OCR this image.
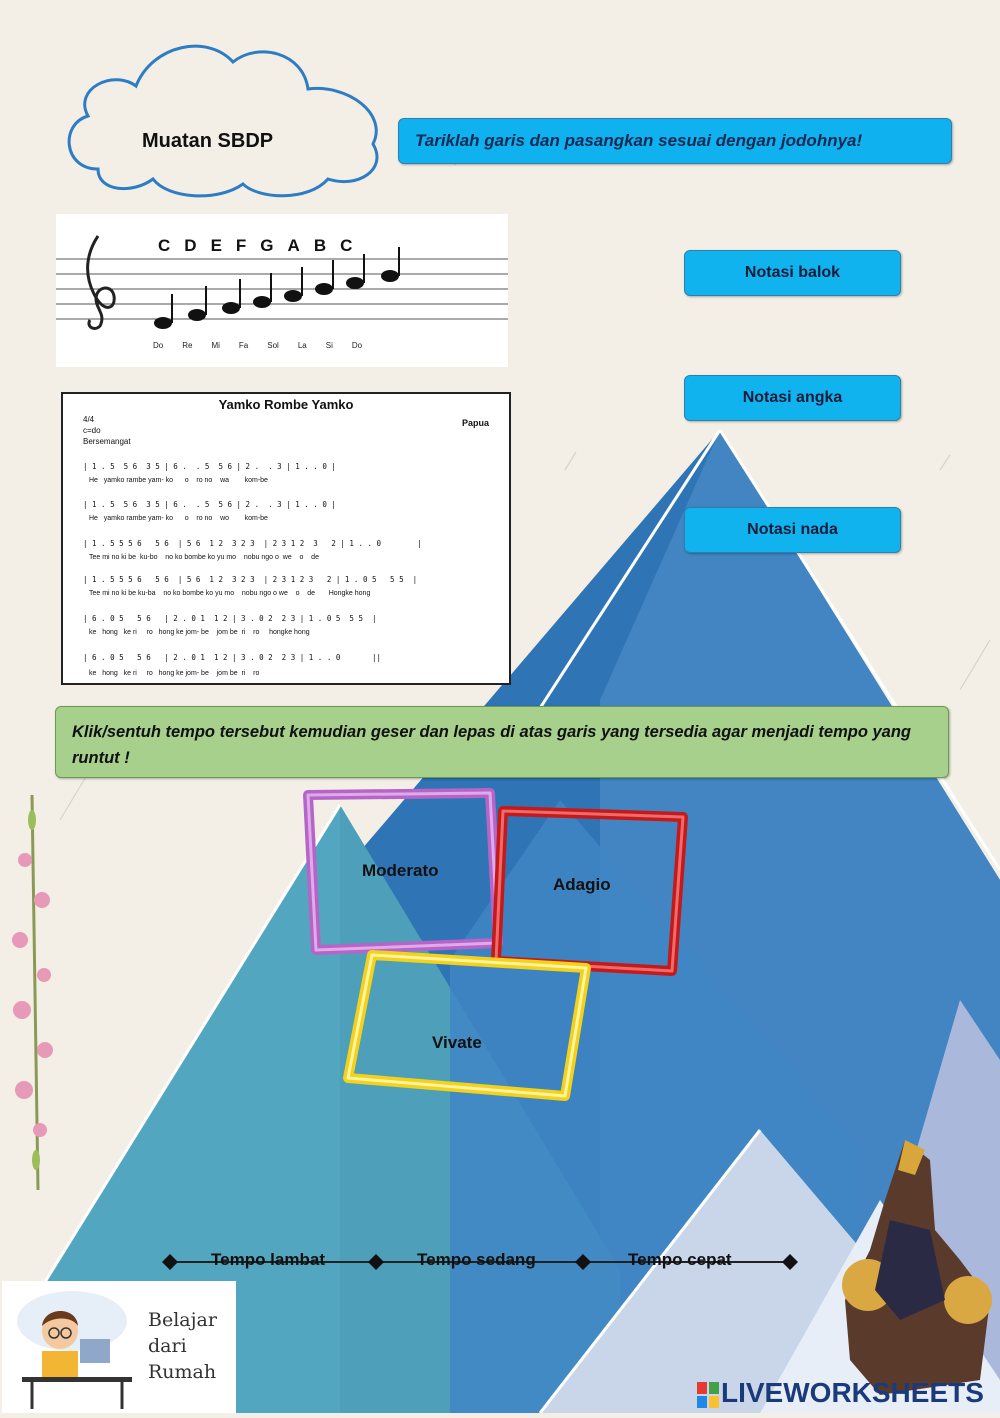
Muatan SBDP	Tariklah garis dan pasangkan sesuai dengan jodohnya!
CDEFGABC
Do Re Mi Fa Sol La Si Do
Yamko Rombe Yamko
4/4
c=do
Bersemangat
Papua
| 1 . 5  5 6  3 5 | 6 .  . 5  5 6 | 2 .  . 3 | 1 . . 0 |
He   yamko rambe yam- ko      o    ro no    wa        kom-be
| 1 . 5  5 6  3 5 | 6 .  . 5  5 6 | 2 .  . 3 | 1 . . 0 |
He   yamko rambe yam- ko      o    ro no    wo        kom-be
| 1 . 5 5 5 6   5 6  | 5 6  1 2  3 2 3  | 2 3 1 2  3   2 | 1 . . 0        |
Tee mi no ki be  ku-bo    no ko bombe ko yu mo    nobu ngo o  we    o    de
| 1 . 5 5 5 6   5 6  | 5 6  1 2  3 2 3  | 2 3 1 2 3   2 | 1 . 0 5   5 5  |
Tee mi no ki be ku-ba    no ko bombe ko yu mo    nobu ngo o we    o    de       Hongke hong
| 6 . 0 5   5 6   | 2 . 0 1  1 2 | 3 . 0 2  2 3 | 1 . 0 5  5 5  |
ke   hong   ke ri     ro   hong ke jom- be    jom be  ri    ro     hongke hong
| 6 . 0 5   5 6   | 2 . 0 1  1 2 | 3 . 0 2  2 3 | 1 . . 0       ||
ke   hong   ke ri     ro   hong ke jom- be    jom be  ri    ro
Notasi balok
Notasi angka
Notasi nada
Klik/sentuh tempo tersebut kemudian geser dan lepas di atas garis yang tersedia agar menjadi tempo yang runtut !
Moderato
Adagio
Vivate
Tempo lambat	Tempo sedang	Tempo cepat
Belajar
dari
Rumah
LIVEWORKSHEETS
